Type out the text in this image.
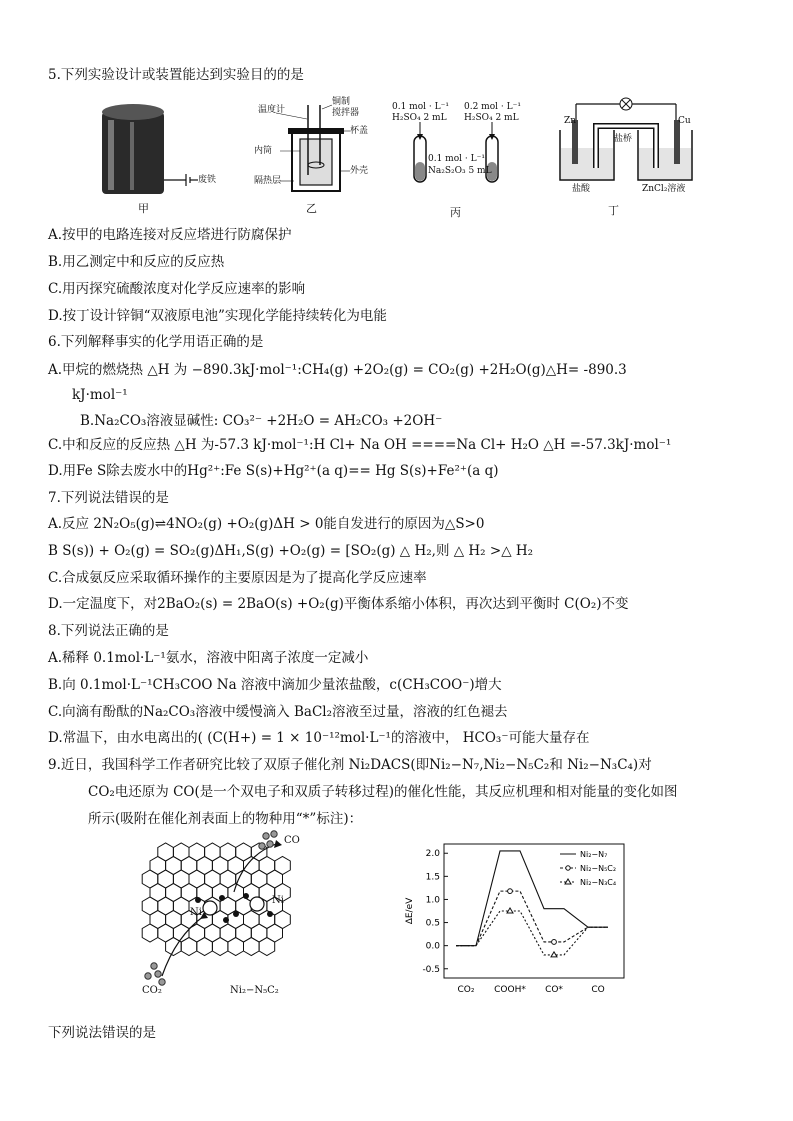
5.下列实验设计或装置能达到实验目的的是
废铁
甲
温度计
铜制
搅拌器
杯盖
内筒
外壳
隔热层
乙
0.1 mol · L⁻¹
H₂SO₄ 2 mL
0.2 mol · L⁻¹
H₂SO₄ 2 mL
0.1 mol · L⁻¹
Na₂S₂O₃ 5 mL
丙
Zn
盐桥
Cu
盐酸	ZnCl₂溶液
丁
A.按甲的电路连接对反应塔进行防腐保护
B.用乙测定中和反应的反应热
C.用丙探究硫酸浓度对化学反应速率的影响
D.按丁设计锌铜“双液原电池”实现化学能持续转化为电能
6.下列解释事实的化学用语正确的是
A.甲烷的燃烧热 △H 为 −890.3kJ·mol⁻¹:CH₄(g) +2O₂(g) = CO₂(g) +2H₂O(g)△H= -890.3
kJ·mol⁻¹
B.Na₂CO₃溶液显碱性: CO₃²⁻ +2H₂O = AH₂CO₃ +2OH⁻
C.中和反应的反应热 △H 为-57.3 kJ·mol⁻¹:H Cl+ Na OH ====Na Cl+ H₂O △H =-57.3kJ·mol⁻¹
D.用Fe S除去废水中的Hg²⁺:Fe S(s)+Hg²⁺(a q)== Hg S(s)+Fe²⁺(a q)
7.下列说法错误的是
A.反应 2N₂O₅(g)⇌4NO₂(g) +O₂(g)ΔH > 0能自发进行的原因为△S>0
B S(s)) + O₂(g) = SO₂(g)ΔH₁,S(g) +O₂(g) = [SO₂(g) △ H₂,则 △ H₂ >△ H₂
C.合成氨反应采取循环操作的主要原因是为了提高化学反应速率
D.一定温度下，对2BaO₂(s) = 2BaO(s) +O₂(g)平衡体系缩小体积，再次达到平衡时 C(O₂)不变
8.下列说法正确的是
A.稀释 0.1mol·L⁻¹氨水，溶液中阳离子浓度一定减小
B.向 0.1mol·L⁻¹CH₃COO Na 溶液中滴加少量浓盐酸，c(CH₃COO⁻)增大
C.向滴有酚酞的Na₂CO₃溶液中缓慢滴入 BaCl₂溶液至过量，溶液的红色褪去
D.常温下，由水电离出的( (C(H+) = 1 × 10⁻¹²mol·L⁻¹的溶液中， HCO₃⁻可能大量存在
9.近日，我国科学工作者研究比较了双原子催化剂 Ni₂DACS(即Ni₂−N₇,Ni₂−N₅C₂和 Ni₂−N₃C₄)对
CO₂电还原为 CO(是一个双电子和双质子转移过程)的催化性能，其反应机理和相对能量的变化如图
所示(吸附在催化剂表面上的物种用“*”标注)：
CO
CO₂
Ni
Ni
Ni₂−N₅C₂
2.0
1.5
1.0
0.5
0.0
-0.5
ΔE/eV
CO₂ COOH* CO*	CO
Ni₂−N₇
Ni₂−N₅C₂
Ni₂−N₃C₄
下列说法错误的是
